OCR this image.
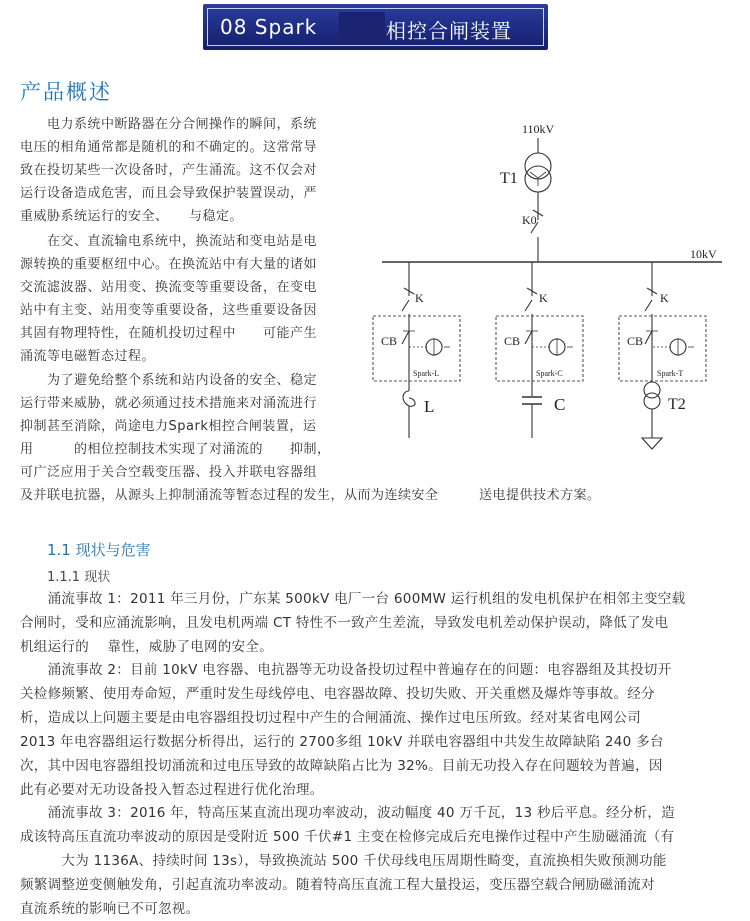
08 Spark	相控合闸装置
产品概述

　　电力系统中断路器在分合闸操作的瞬间，系统

电压的相角通常都是随机的和不确定的。这常常导

致在投切某些一次设备时，产生涌流。这不仅会对

运行设备造成危害，而且会导致保护装置误动，严

重威胁系统运行的安全、　　与稳定。

　　在交、直流输电系统中，换流站和变电站是电

源转换的重要枢纽中心。在换流站中有大量的诸如

交流滤波器、站用变、换流变等重要设备，在变电

站中有主变、站用变等重要设备，这些重要设备因

其固有物理特性，在随机投切过程中　　可能产生

涌流等电磁暂态过程。

　　为了避免给整个系统和站内设备的安全、稳定

运行带来威胁，就必须通过技术措施来对涌流进行

抑制甚至消除，尚途电力Spark相控合闸装置，运

用　　　的相位控制技术实现了对涌流的　　抑制，

可广泛应用于关合空载变压器、投入并联电容器组

及并联电抗器，从源头上抑制涌流等暂态过程的发生，从而为连续安全　　　送电提供技术方案。
110kV
T1
K0
10kV
K
CB
Spark-L
L
K
CB
Spark-C
C
K
CB
Spark-T
T2
1.1 现状与危害
1.1.1 现状
　　涌流事故 1：2011 年三月份，广东某 500kV 电厂一台 600MW 运行机组的发电机保护在相邻主变空载
合闸时，受和应涌流影响，且发电机两端 CT 特性不一致产生差流，导致发电机差动保护误动，降低了发电
机组运行的　 靠性，威胁了电网的安全。
　　涌流事故 2：目前 10kV 电容器、电抗器等无功设备投切过程中普遍存在的问题：电容器组及其投切开
关检修频繁、使用寿命短，严重时发生母线停电、电容器故障、投切失败、开关重燃及爆炸等事故。经分
析，造成以上问题主要是由电容器组投切过程中产生的合闸涌流、操作过电压所致。经对某省电网公司
2013 年电容器组运行数据分析得出，运行的 2700多组 10kV 并联电容器组中共发生故障缺陷 240 多台
次，其中因电容器组投切涌流和过电压导致的故障缺陷占比为 32%。目前无功投入存在问题较为普遍，因
此有必要对无功设备投入暂态过程进行优化治理。
　　涌流事故 3：2016 年，特高压某直流出现功率波动，波动幅度 40 万千瓦，13 秒后平息。经分析，造
成该特高压直流功率波动的原因是受附近 500 千伏#1 主变在检修完成后充电操作过程中产生励磁涌流（有
　　　大为 1136A、持续时间 13s），导致换流站 500 千伏母线电压周期性畸变，直流换相失败预测功能
频繁调整逆变侧触发角，引起直流功率波动。随着特高压直流工程大量投运，变压器空载合闸励磁涌流对
直流系统的影响已不可忽视。
